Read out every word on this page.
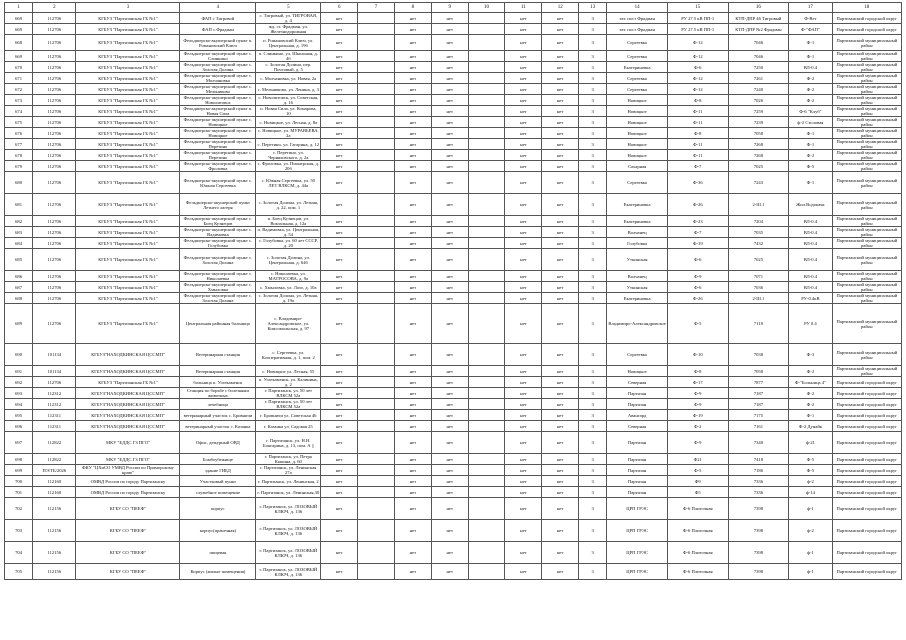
1	2	3	4	5	6	7	8	9	10	11	12	13	14	15	16	17	18
669	112706	КГБУЗ "Партизанская ГБ №1"	ФАП с Тигровой	с. Тигровый, ул. ТИГРОВАЯ, д. 4	нет		нет	нет		нет	нет	3	тат. пост Фрадман	РУ 27.5 кВ ПП-1	КТП-ДПР 46 Тигровый	Ф-Вет	Партизанский городской округ
669	112706	КГБУЗ "Партизанская ГБ №1"	ФАП с.Фрадман	жд. ст. Фрадман, ул. Железнодорожная	нет		нет	нет		нет	нет	3	тат. пост Фрадман	РУ 27.5 кВ ПП-1	КТП-ДПР №2 Фрадман	Ф-"ФАП"	Партизанский городской округ
668	112706	КГБУЗ "Партизанская ГБ №1"	Фельдшерско-акушерский пункт п. Романовский Ключ	п. Романовский Ключ, ул. Центральная, д. 19б	нет		нет	нет		нет	нет	3	Сергеевка	Ф-12	7046	Ф-1	Партизанский муниципальный район
669	112706	КГБУЗ "Партизанская ГБ №1"	Фельдшерско-акушерский пункт с. Слинкино	п. Слинкино, ул. Школьная, д. 4б	нет		нет	нет		нет	нет	3	Сергеевка	Ф-12	7046	Ф-1	Партизанский муниципальный район
670	112706	КГБУЗ "Партизанская ГБ №1"	Фельдшерско-акушерский пункт с. Золотая Долина	с. Золотая Долина, пер. Почтовый, д. 5	нет		нет	нет		нет	нет	3	Екатериновка	Ф-6	7250	ВЛ-0.4	Партизанский муниципальный район
671	112706	КГБУЗ "Партизанская ГБ №1"	Фельдшерско-акушерский пункт с. Молчановка	с. Молчановка, ул. Новая, 2а	нет		нет	нет		нет	нет	3	Сергеевка	Ф-12	7261	Ф-2	Партизанский муниципальный район
672	112706	КГБУЗ "Партизанская ГБ №1"	Фельдшерско-акушерский пункт с. Мельниково	с. Мельниково, ул. Ленина, д. 3	нет		нет	нет		нет	нет	3	Сергеевка	Ф-12	7240	Ф-2	Партизанский муниципальный район
673	112706	КГБУЗ "Партизанская ГБ №1"	Фельдшерско-акушерский пункт с. Новолитовск	с. Новолитовск, ул. Советская, д. 16	нет		нет	нет		нет	нет	3	Новицкое	Ф-8	7026	Ф-2	Партизанский муниципальный район
674	112706	КГБУЗ "Партизанская ГБ №1"	Фельдшерско-акушерский пункт п. Новая Сила	п. Новая Сила, ул. Комарова, 10	нет		нет	нет		нет	нет	3	Новицкое	Ф-11	7259	Ф-6 "Клуб"	Партизанский муниципальный район
675	112706	КГБУЗ "Партизанская ГБ №1"	Фельдшерско-акушерский пункт с. Новицкое	с. Новицкое, ул. Лесная, д. 8а	нет		нет	нет		нет	нет	3	Новицкое	Ф-11	7239	ф-2 Столовая	Партизанский муниципальный район
676	112706	КГБУЗ "Партизанская ГБ №1"	Фельдшерско-акушерский пункт с. Новицкое	с. Новицкое, ул. МУРАВЬЕВА, 2а	нет		нет	нет		нет	нет	3	Новицкое	Ф-8	7058	Ф-1	Партизанский муниципальный район
677	112706	КГБУЗ "Партизанская ГБ №1"	Фельдшерско-акушерский пункт с. Перетино	с. Перетино, ул. Гагарина, д. 12	нет		нет	нет		нет	нет	3	Новицкое	Ф-11	7268	Ф-1	Партизанский муниципальный район
678	112706	КГБУЗ "Партизанская ГБ №1"	Фельдшерско-акушерский пункт с. Перетино	с. Перетино, ул. Черняховского, д. 2а	нет		нет	нет		нет	нет	3	Новицкое	Ф-11	7268	Ф-2	Партизанский муниципальный район
679	112706	КГБУЗ "Партизанская ГБ №1"	Фельдшерско-акушерский пункт с. Фроловка	с. Фроловка, ул. Пионерская, д. 20б	нет		нет	нет		нет	нет	3	Сахарная	Ф-7	7025	Ф-5	Партизанский муниципальный район
680	112706	КГБУЗ "Партизанская ГБ №1"	Фельдшерско-акушерский пункт с. Южная Сергеевка	с. Южная Сергеевка, ул. 50 ЛЕТ ВЛКСМ, д. 44а	нет		нет	нет		нет	нет	3	Сергеевка	Ф-36	7243	Ф-1	Партизанский муниципальный район
681	112706	КГБУЗ "Партизанская ГБ №1"	Фельдшерско-акушерский пункт Летнего лагеря	с. Золотая Долина, ул. Летняя, д. 22, пом. 1	нет		нет	нет		нет	нет	3	Екатериновка	Ф-26	2-III.1	Жил.Водокачк	Партизанский муниципальный район
682	112706	КГБУЗ "Партизанская ГБ №1"	Фельдшерско-акушерский пункт с. Боец Кузнецов	п. Боец Кузнецов, ул. Вокзальная, д. 12а	нет		нет	нет		нет	нет	3	Екатериновка	Ф-23	7204	ВЛ-0.4	Партизанский муниципальный район
683	112706	КГБУЗ "Партизанская ГБ №1"	Фельдшерско-акушерский пункт с. Вадимовка	п. Вадимовка, ул. Центральная, д. 54	нет		нет	нет		нет	нет	3	Волчанец	Ф-7	7035	ВЛ-0.4	Партизанский муниципальный район
684	112706	КГБУЗ "Партизанская ГБ №1"	Фельдшерско-акушерский пункт с. Голубовка	с. Голубовка, ул. 60 лет СССР, д. 20	нет		нет	нет		нет	нет	3	Голубовка	Ф-19	7432	ВЛ-0.4	Партизанский муниципальный район
685	112706	КГБУЗ "Партизанская ГБ №1"	Фельдшерско-акушерский пункт с. Золотая Долина	с. Золотая Долина, ул. Центральная, д. 64б	нет		нет	нет		нет	нет	3	Уткинская	Ф-6	7025	ВЛ-0.4	Партизанский муниципальный район
686	112706	КГБУЗ "Партизанская ГБ №1"	Фельдшерско-акушерский пункт с. Николаевка	с. Николаевка, ул. МАТРОСОВА, д. 9а	нет		нет	нет		нет	нет	3	Волчанец	Ф-9	7071	ВЛ-0.4	Партизанский муниципальный район
687	112706	КГБУЗ "Партизанская ГБ №1"	Фельдшерско-акушерский пункт с. Хмыловка	с. Хмыловка, ул. Лазо, д. 10а	нет		нет	нет		нет	нет	3	Уткинская	Ф-6	7036	ВЛ-0.4	Партизанский муниципальный район
688	112706	КГБУЗ "Партизанская ГБ №1"	Фельдшерско-акушерский пункт с. Золотая Долина	с. Золотая Долина, ул. Летняя, д. 19а	нет		нет	нет		нет	нет	3	Екатериновка	Ф-26	2-III.1	РУ-0.4кВ	Партизанский муниципальный район
689	112706	КГБУЗ "Партизанская ГБ №1"	Центральная районная больница	с. Владимиро-Александровское, ул. Комсомольская, д. 97	нет		нет	нет		нет	нет	3	Владимиро-Александровское	Ф-5	7118	РУ 0.4	Партизанский муниципальный район
690	101134	КГБУЗ"НАХОДКИНСКАЯ ЦССМП"	Ветеринарная станция	с. Сергеевка, ул. Кооперативная, д. 1, пом. 2	нет		нет	нет		нет	нет	3	Сергеевка	Ф-10	7038	Ф-3	Партизанский муниципальный район
691	101134	КГБУЗ"НАХОДКИНСКАЯ ЦССМП"	Ветеринарная станция	с. Новицкое ул. Лесная, 55	нет		нет	нет		нет	нет	3	Новицкое	Ф-8	7058	Ф-2	Партизанский муниципальный район
692	112706	КГБУЗ "Партизанская ГБ №1"	больница п. Углекаменск	п. Углекаменск, ул. Калинина, д. 2	нет		нет	нет		нет	нет	3	Северная	Ф-17	7877	Ф-"Больница 4"	Партизанский городской округ
693	112312	КГБУЗ"НАХОДКИНСКАЯ ЦССМП"	Станция по борьбе с болезнями животных	г. Партизанск, ул. 50 лет ВЛКСМ 52а	нет		нет	нет		нет	нет	3	Партизан	Ф-9	7187	Ф-2	Партизанский городской округ
694	112312	КГБУЗ"НАХОДКИНСКАЯ ЦССМП"	лечебница	г. Партизанск, ул. 50 лет ВЛКСМ 52а	нет		нет	нет		нет	нет	3	Партизан	Ф-9	7187	Ф-2	Партизанский городской округ
695	112311	КГБУЗ"НАХОДКИНСКАЯ ЦССМП"	ветеринарный участок с. Бровничи	г. Бровничи ул. Советская 46	нет		нет	нет		нет	нет	3	Авангард	Ф-19	7175	Ф-1	Партизанский городской округ
696	112311	КГБУЗ"НАХОДКИНСКАЯ ЦССМП"	ветеринарный участок с. Казанка	г. Казанка ул. Садовая 25	нет		нет	нет		нет	нет	3	Северная	Ф-2	7161	Ф-2 Дунайк	Партизанский городской округ
697	112822	МКУ "ЕДДС ГЗ ПГО"	Офис, дежурный ОВД	г. Партизанск, ул. Н.Н. Бонгарина, д. 13, пом. А ||	нет		нет	нет		нет	нет	3	Партизан	Ф-9	7340	ф-21	Партизанский городской округ
698	112822	МКУ "ЕДДС ГЗ ПГО"	Бомбоубежище	г. Партизанск, ул. Петра Кашина, д. 60	нет		нет	нет		нет	нет	3	Партизан	Ф21	7418	Ф-5	Партизанский городской округ
699	ПЭ/ТБ/2026	ФКУ "ЦХиСО УМВД России по Приморскому краю"	здание ГИБД	г. Партизанск, ул. Ленинская 27а	нет		нет	нет		нет	нет	3	Партизан	Ф-5	7186	Ф-5	Партизанский городской округ
700	112160	ОМВД России по городу Партизанску	Участковый пункт	г. Партизанск, ул. Ленинская, 2	нет		нет	нет		нет	нет	3	Партизан	Ф9	7336	ф-2	Партизанский городской округ
701	112160	ОМВД России по городу Партизанску	служебное помещение	г. Партизанск, ул. Ленинская,30	нет		нет	нет		нет	нет	3	Партизан	Ф5	7336	ф-14	Партизанский городской округ
702	112156	КГБУ СО "ПЕЕФ"	корпус	г. Партизанск, ул. ЛОЗОВЫЙ КЛЮЧ, д. 136	нет		нет	нет		нет	нет	3	ЦРП ГРЭС	Ф-6 Плиточная	7398	ф-1	Партизанский городской округ
703	112156	КГБУ СО "ПЕЕФ"	корпус(прачечная)	г. Партизанск, ул. ЛОЗОВЫЙ КЛЮЧ, д. 136	нет		нет	нет		нет	нет	3	ЦРП ГРЭС	Ф-6 Плиточная	7398	ф-2	Партизанский городской округ
704	112156	КГБУ СО "ПЕЕФ"	пищевая	г. Партизанск, ул. ЛОЗОВЫЙ КЛЮЧ, д. 136	нет		нет	нет		нет	нет	3	ЦРП ГРЭС	Ф-6 Плиточная	7398	ф-1	Партизанский городской округ
705	112156	КГБУ СО "ПЕЕФ"	Корпус (жилые помещения)	г. Партизанск, ул. ЛОЗОВЫЙ КЛЮЧ, д. 136	нет		нет	нет		нет	нет	3	ЦРП ГРЭС	Ф-6 Плиточная	7398	ф-1	Партизанский городской округ
